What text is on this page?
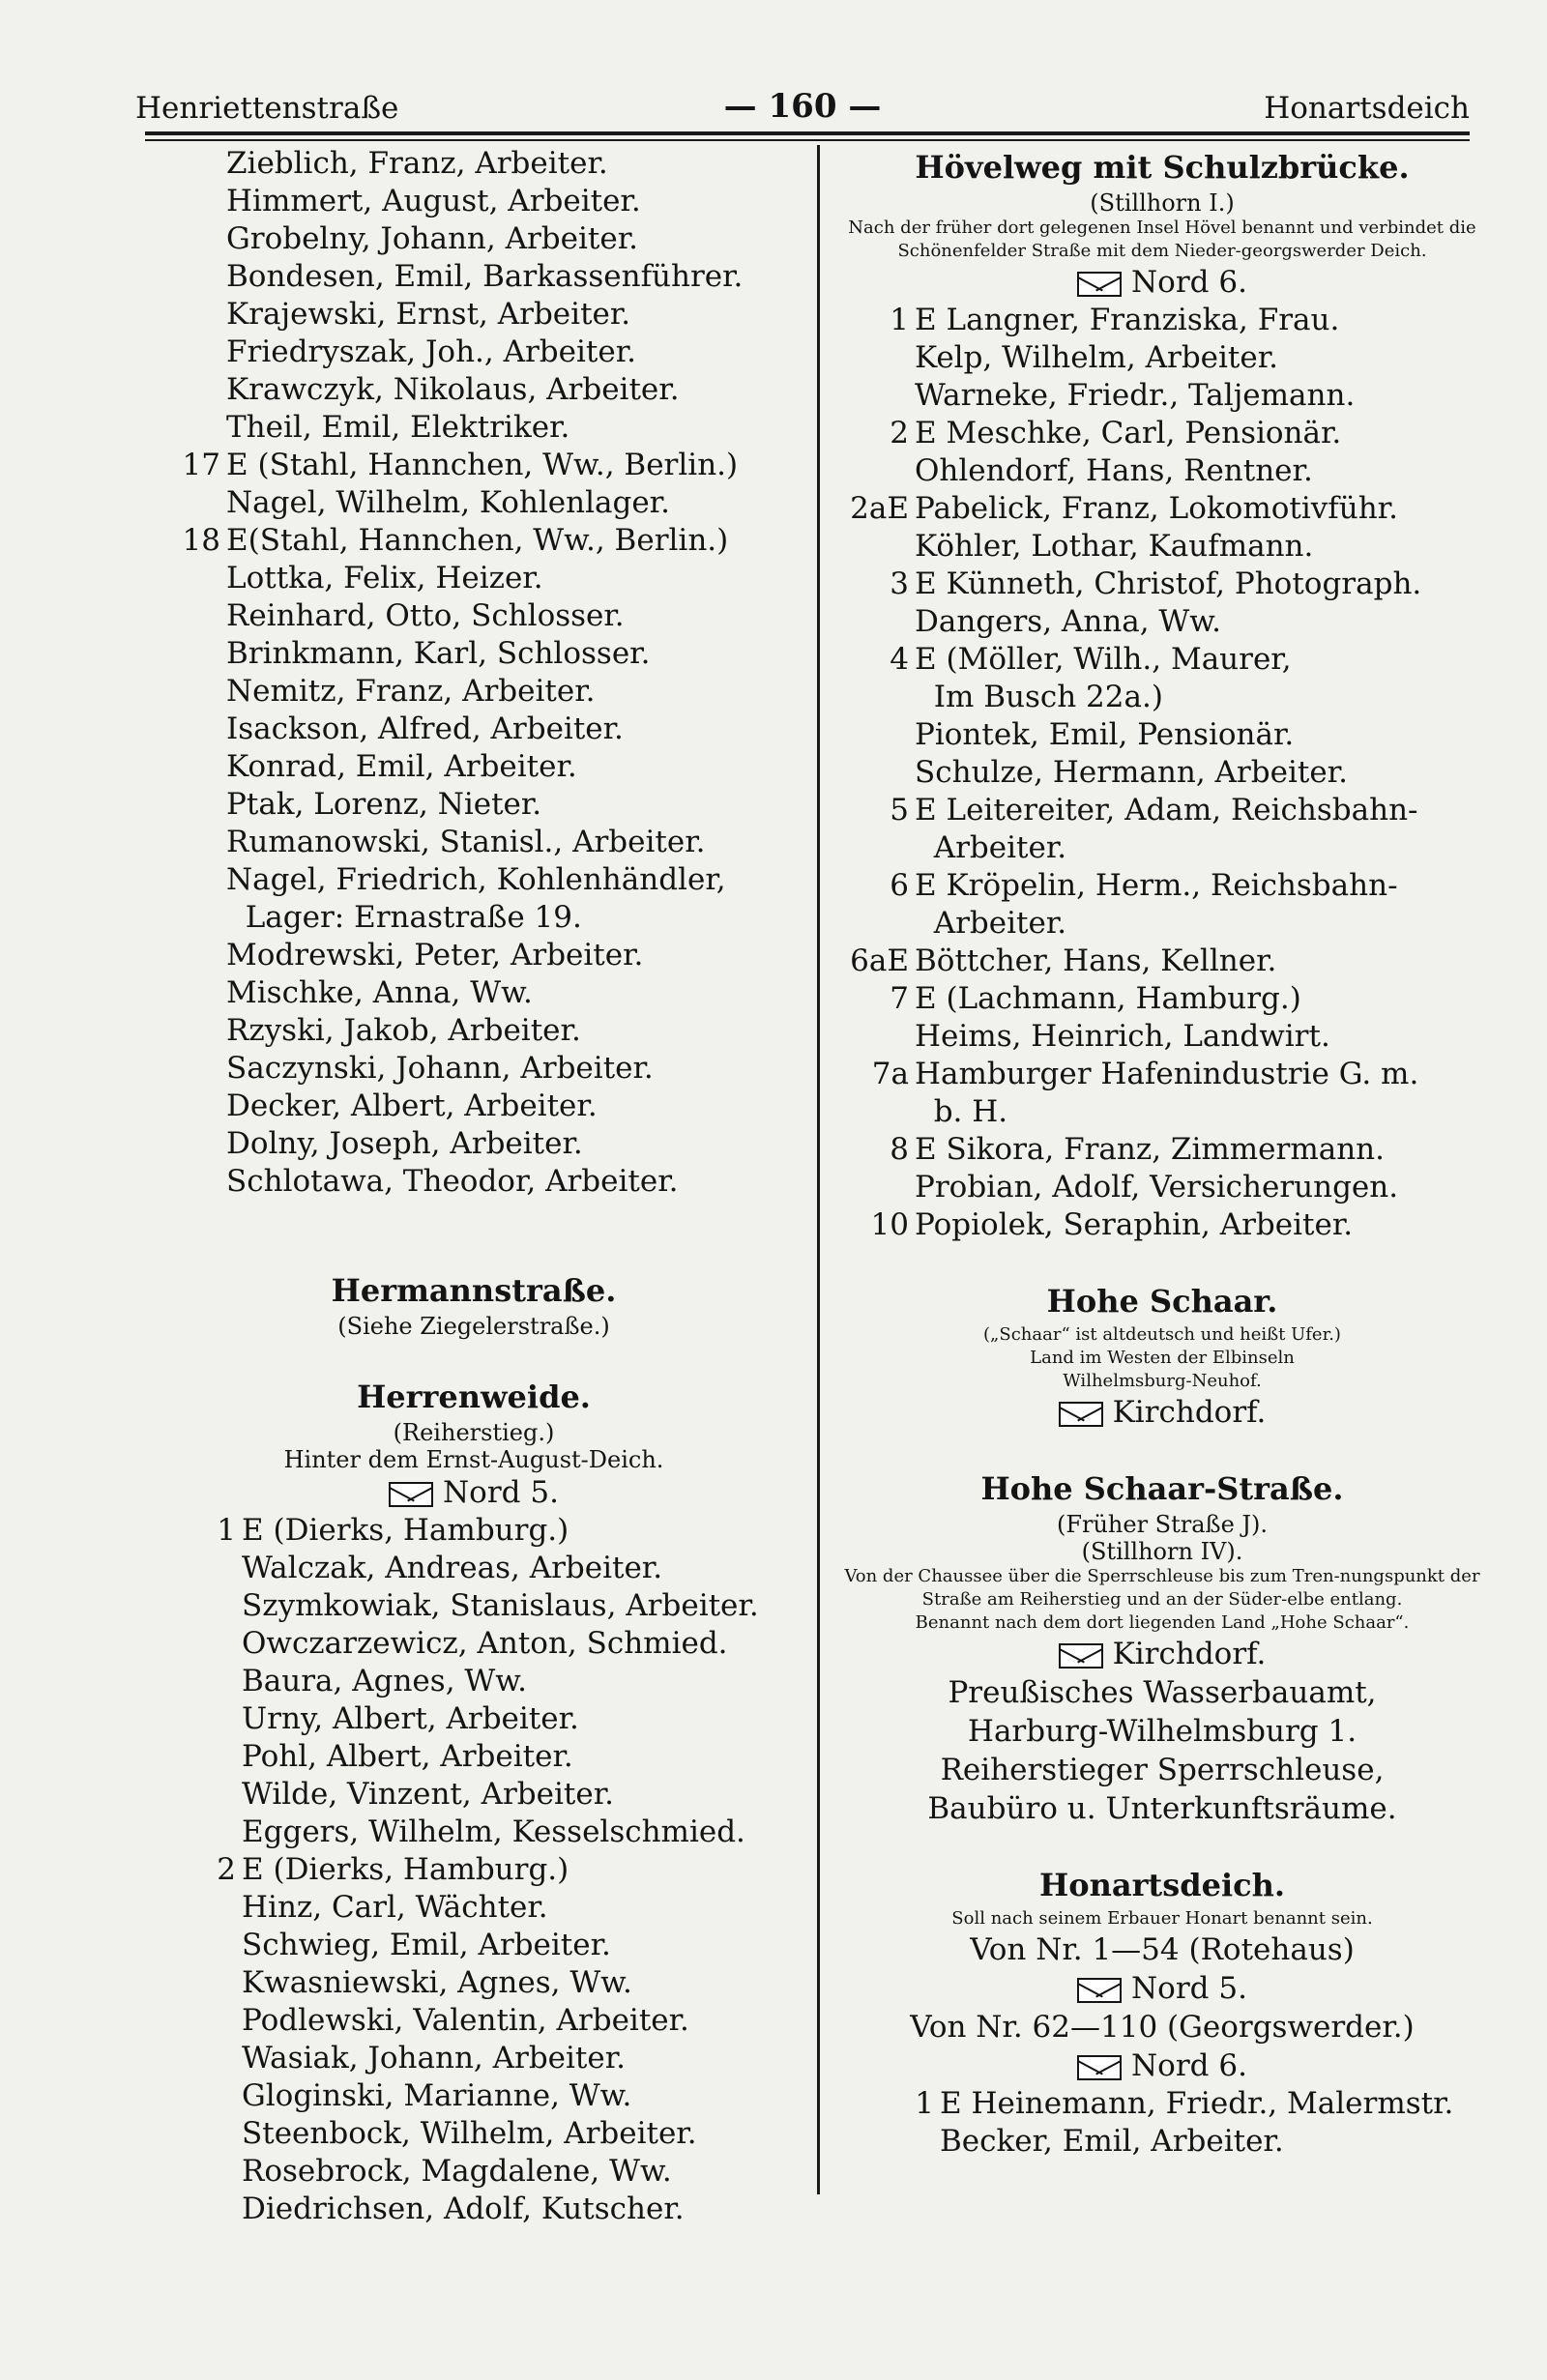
Henriettenstraße	— 160 —	Honartsdeich
Zieblich, Franz, Arbeiter.
Himmert, August, Arbeiter.
Grobelny, Johann, Arbeiter.
Bondesen, Emil, Barkassenführer.
Krajewski, Ernst, Arbeiter.
Friedryszak, Joh., Arbeiter.
Krawczyk, Nikolaus, Arbeiter.
Theil, Emil, Elektriker.
17 E (Stahl, Hannchen, Ww., Berlin.)
Nagel, Wilhelm, Kohlenlager.
18 E(Stahl, Hannchen, Ww., Berlin.)
Lottka, Felix, Heizer.
Reinhard, Otto, Schlosser.
Brinkmann, Karl, Schlosser.
Nemitz, Franz, Arbeiter.
Isackson, Alfred, Arbeiter.
Konrad, Emil, Arbeiter.
Ptak, Lorenz, Nieter.
Rumanowski, Stanisl., Arbeiter.
Nagel, Friedrich, Kohlenhändler,
Lager: Ernastraße 19.
Modrewski, Peter, Arbeiter.
Mischke, Anna, Ww.
Rzyski, Jakob, Arbeiter.
Saczynski, Johann, Arbeiter.
Decker, Albert, Arbeiter.
Dolny, Joseph, Arbeiter.
Schlotawa, Theodor, Arbeiter.
Hermannstraße.
(Siehe Ziegelerstraße.)
Herrenweide.
(Reiherstieg.)
Hinter dem Ernst-August-Deich.
Nord 5.
1 E (Dierks, Hamburg.)
Walczak, Andreas, Arbeiter.
Szymkowiak, Stanislaus, Arbeiter.
Owczarzewicz, Anton, Schmied.
Baura, Agnes, Ww.
Urny, Albert, Arbeiter.
Pohl, Albert, Arbeiter.
Wilde, Vinzent, Arbeiter.
Eggers, Wilhelm, Kesselschmied.
2 E (Dierks, Hamburg.)
Hinz, Carl, Wächter.
Schwieg, Emil, Arbeiter.
Kwasniewski, Agnes, Ww.
Podlewski, Valentin, Arbeiter.
Wasiak, Johann, Arbeiter.
Gloginski, Marianne, Ww.
Steenbock, Wilhelm, Arbeiter.
Rosebrock, Magdalene, Ww.
Diedrichsen, Adolf, Kutscher.
Hövelweg mit Schulzbrücke.
(Stillhorn I.)
Nach der früher dort gelegenen Insel Hövel benannt und verbindet die Schönenfelder Straße mit dem Nieder-georgswerder Deich.
Nord 6.
1 E Langner, Franziska, Frau.
Kelp, Wilhelm, Arbeiter.
Warneke, Friedr., Taljemann.
2 E Meschke, Carl, Pensionär.
Ohlendorf, Hans, Rentner.
2aE Pabelick, Franz, Lokomotivführ.
Köhler, Lothar, Kaufmann.
3 E Künneth, Christof, Photograph.
Dangers, Anna, Ww.
4 E (Möller, Wilh., Maurer,
Im Busch 22a.)
Piontek, Emil, Pensionär.
Schulze, Hermann, Arbeiter.
5 E Leitereiter, Adam, Reichsbahn-
Arbeiter.
6 E Kröpelin, Herm., Reichsbahn-
Arbeiter.
6aE Böttcher, Hans, Kellner.
7 E (Lachmann, Hamburg.)
Heims, Heinrich, Landwirt.
7a Hamburger Hafenindustrie G. m.
b. H.
8 E Sikora, Franz, Zimmermann.
Probian, Adolf, Versicherungen.
10 Popiolek, Seraphin, Arbeiter.
Hohe Schaar.
(„Schaar“ ist altdeutsch und heißt Ufer.)
Land im Westen der Elbinseln
Wilhelmsburg-Neuhof.
Kirchdorf.
Hohe Schaar-Straße.
(Früher Straße J).
(Stillhorn IV).
Von der Chaussee über die Sperrschleuse bis zum Tren-nungspunkt der Straße am Reiherstieg und an der Süder-elbe entlang.
Benannt nach dem dort liegenden Land „Hohe Schaar“.
Kirchdorf.
Preußisches Wasserbauamt,
Harburg-Wilhelmsburg 1.
Reiherstieger Sperrschleuse,
Baubüro u. Unterkunftsräume.
Honartsdeich.
Soll nach seinem Erbauer Honart benannt sein.
Von Nr. 1—54 (Rotehaus)
Nord 5.
Von Nr. 62—110 (Georgswerder.)
Nord 6.
1 E Heinemann, Friedr., Malermstr.
Becker, Emil, Arbeiter.
